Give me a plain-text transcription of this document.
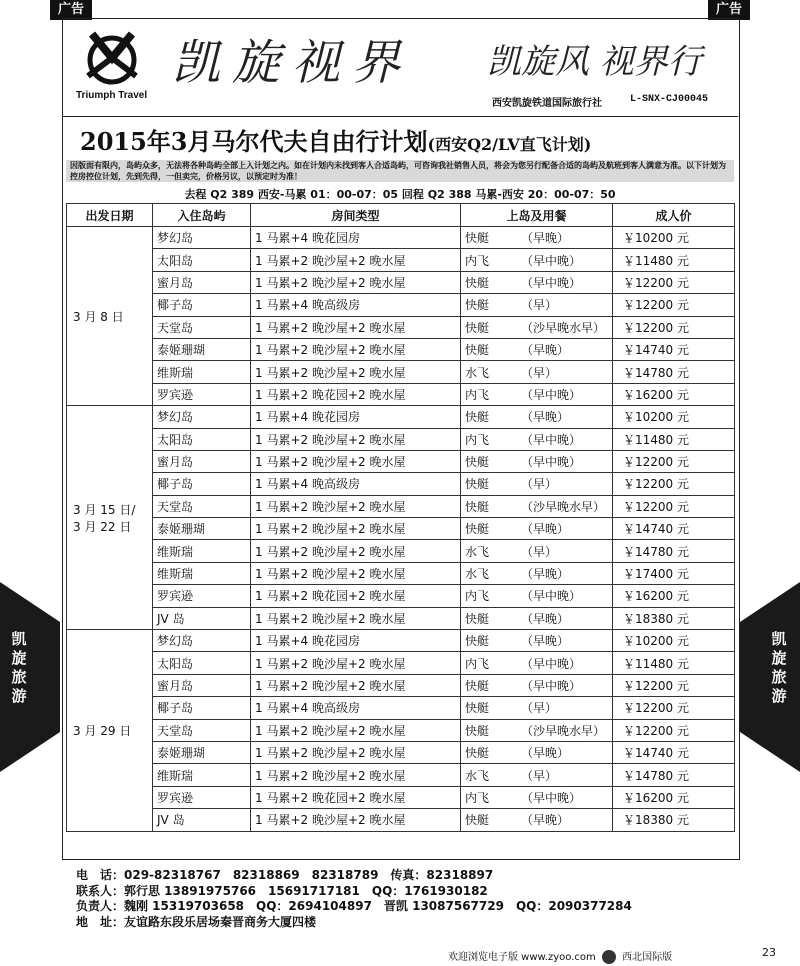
广告	广告
Triumph Travel
凯旋视界 凯旋风 视界行
西安凯旋铁道国际旅行社	L-SNX-CJ00045
2015年3月马尔代夫自由行计划(西安Q2/LV直飞计划)
因版面有限内，岛屿众多，无法将各种岛屿全部上入计划之内。如在计划内未找到客人合适岛屿，可咨询我社销售人员，将会为您另行配备合适的岛屿及航班到客人满意为准。以下计划为控房控位计划，先到先得，一但卖完，价格另议，以预定时为准！
去程 Q2 389 西安-马累 01：00-07：05 回程 Q2 388 马累-西安 20：00-07：50
出发日期	入住岛屿	房间类型	上岛及用餐	成人价
3 月 8 日	梦幻岛	1 马累+4 晚花园房	快艇 （早晚）	￥10200 元
	太阳岛	1 马累+2 晚沙屋+2 晚水屋	内飞 （早中晚）	￥11480 元
	蜜月岛	1 马累+2 晚沙屋+2 晚水屋	快艇 （早中晚）	￥12200 元
	椰子岛	1 马累+4 晚高级房	快艇 （早）	￥12200 元
	天堂岛	1 马累+2 晚沙屋+2 晚水屋	快艇 （沙早晚水早）	￥12200 元
	泰姬珊瑚	1 马累+2 晚沙屋+2 晚水屋	快艇 （早晚）	￥14740 元
	维斯瑞	1 马累+2 晚沙屋+2 晚水屋	水飞 （早）	￥14780 元
	罗宾逊	1 马累+2 晚花园+2 晚水屋	内飞 （早中晚）	￥16200 元
3 月 15 日/
3 月 22 日	梦幻岛	1 马累+4 晚花园房	快艇 （早晚）	￥10200 元
	太阳岛	1 马累+2 晚沙屋+2 晚水屋	内飞 （早中晚）	￥11480 元
	蜜月岛	1 马累+2 晚沙屋+2 晚水屋	快艇 （早中晚）	￥12200 元
	椰子岛	1 马累+4 晚高级房	快艇 （早）	￥12200 元
	天堂岛	1 马累+2 晚沙屋+2 晚水屋	快艇 （沙早晚水早）	￥12200 元
	泰姬珊瑚	1 马累+2 晚沙屋+2 晚水屋	快艇 （早晚）	￥14740 元
	维斯瑞	1 马累+2 晚沙屋+2 晚水屋	水飞 （早）	￥14780 元
	维斯瑞	1 马累+2 晚沙屋+2 晚水屋	水飞 （早晚）	￥17400 元
	罗宾逊	1 马累+2 晚花园+2 晚水屋	内飞 （早中晚）	￥16200 元
	JV 岛	1 马累+2 晚沙屋+2 晚水屋	快艇 （早晚）	￥18380 元
3 月 29 日	梦幻岛	1 马累+4 晚花园房	快艇 （早晚）	￥10200 元
	太阳岛	1 马累+2 晚沙屋+2 晚水屋	内飞 （早中晚）	￥11480 元
	蜜月岛	1 马累+2 晚沙屋+2 晚水屋	快艇 （早中晚）	￥12200 元
	椰子岛	1 马累+4 晚高级房	快艇 （早）	￥12200 元
	天堂岛	1 马累+2 晚沙屋+2 晚水屋	快艇 （沙早晚水早）	￥12200 元
	泰姬珊瑚	1 马累+2 晚沙屋+2 晚水屋	快艇 （早晚）	￥14740 元
	维斯瑞	1 马累+2 晚沙屋+2 晚水屋	水飞 （早）	￥14780 元
	罗宾逊	1 马累+2 晚花园+2 晚水屋	内飞 （早中晚）	￥16200 元
	JV 岛	1 马累+2 晚沙屋+2 晚水屋	快艇 （早晚）	￥18380 元
电　话：029-82318767　82318869　82318789　传真：82318897
联系人：郭行思 13891975766　15691717181　QQ：1761930182
负责人：魏刚 15319703658　QQ：2694104897　晋凯 13087567729　QQ：2090377284
地　址：友谊路东段乐居场秦晋商务大厦四楼
凯旋旅游
凯旋旅游
欢迎浏览电子版 www.zyoo.com	西北国际版	23
